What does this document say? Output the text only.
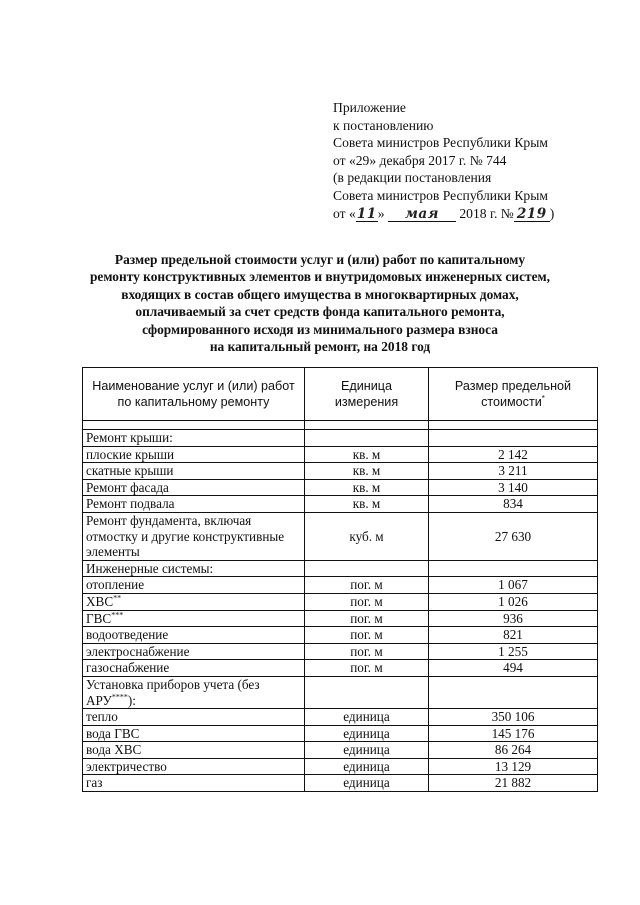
Приложение
к постановлению
Совета министров Республики Крым
от «29» декабря 2017 г. № 744
(в редакции постановления
Совета министров Республики Крым
от «11» мая 2018 г. № 219 )
Размер предельной стоимости услуг и (или) работ по капитальному
ремонту конструктивных элементов и внутридомовых инженерных систем,
входящих в состав общего имущества в многоквартирных домах,
оплачиваемый за счет средств фонда капитального ремонта,
сформированного исходя из минимального размера взноса
на капитальный ремонт, на 2018 год
Наименование услуг и (или) работ по капитальному ремонту	Единица измерения	Размер предельной стоимости*

Ремонт крыши:		
плоские крыши	кв. м	2 142
скатные крыши	кв. м	3 211
Ремонт фасада	кв. м	3 140
Ремонт подвала	кв. м	834
Ремонт фундамента, включая отмостку и другие конструктивные элементы	куб. м	27 630
Инженерные системы:		
отопление	пог. м	1 067
ХВС**	пог. м	1 026
ГВС***	пог. м	936
водоотведение	пог. м	821
электроснабжение	пог. м	1 255
газоснабжение	пог. м	494
Установка приборов учета (без АРУ****):		
тепло	единица	350 106
вода ГВС	единица	145 176
вода ХВС	единица	86 264
электричество	единица	13 129
газ	единица	21 882
